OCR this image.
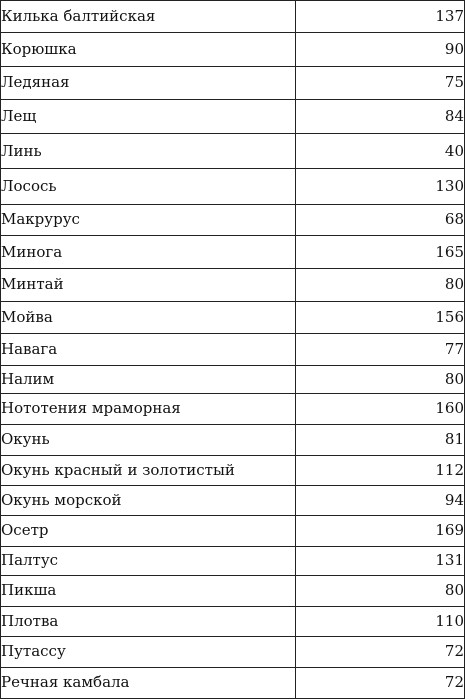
Килька балтийская	137
Корюшка	90
Ледяная	75
Лещ	84
Линь	40
Лосось	130
Макрурус	68
Минога	165
Минтай	80
Мойва	156
Навага	77
Налим	80
Нототения мраморная	160
Окунь	81
Окунь красный и золотистый	112
Окунь морской	94
Осетр	169
Палтус	131
Пикша	80
Плотва	110
Путассу	72
Речная камбала	72
